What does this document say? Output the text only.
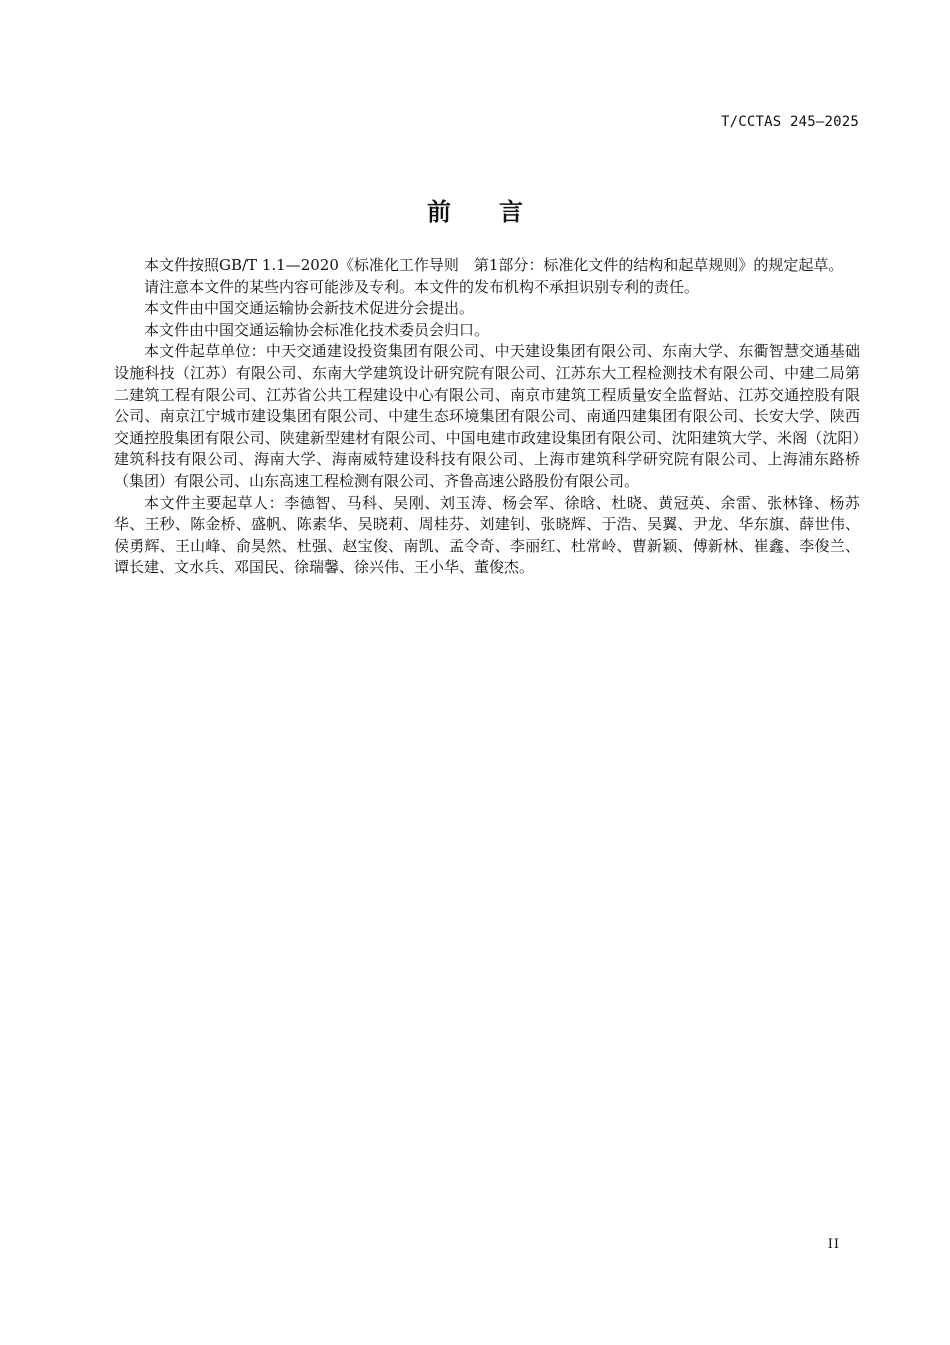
T/CCTAS 245—2025
前 言

本文件按照GB/T 1.1—2020《标准化工作导则　第1部分：标准化文件的结构和起草规则》的规定起草。

请注意本文件的某些内容可能涉及专利。本文件的发布机构不承担识别专利的责任。

本文件由中国交通运输协会新技术促进分会提出。

本文件由中国交通运输协会标准化技术委员会归口。

本文件起草单位：中天交通建设投资集团有限公司、中天建设集团有限公司、东南大学、东衢智慧交通基础设施科技（江苏）有限公司、东南大学建筑设计研究院有限公司、江苏东大工程检测技术有限公司、中建二局第二建筑工程有限公司、江苏省公共工程建设中心有限公司、南京市建筑工程质量安全监督站、江苏交通控股有限公司、南京江宁城市建设集团有限公司、中建生态环境集团有限公司、南通四建集团有限公司、长安大学、陕西交通控股集团有限公司、陕建新型建材有限公司、中国电建市政建设集团有限公司、沈阳建筑大学、米阁（沈阳）建筑科技有限公司、海南大学、海南威特建设科技有限公司、上海市建筑科学研究院有限公司、上海浦东路桥（集团）有限公司、山东高速工程检测有限公司、齐鲁高速公路股份有限公司。

本文件主要起草人：李德智、马科、吴刚、刘玉涛、杨会军、徐晗、杜晓、黄冠英、余雷、张林锋、杨苏华、王秒、陈金桥、盛帆、陈素华、吴晓莉、周桂芬、刘建钊、张晓辉、于浩、吴翼、尹龙、华东旗、薛世伟、侯勇辉、王山峰、俞昊然、杜强、赵宝俊、南凯、孟令奇、李丽红、杜常岭、曹新颖、傅新林、崔鑫、李俊兰、谭长建、文水兵、邓国民、徐瑞馨、徐兴伟、王小华、董俊杰。

II
